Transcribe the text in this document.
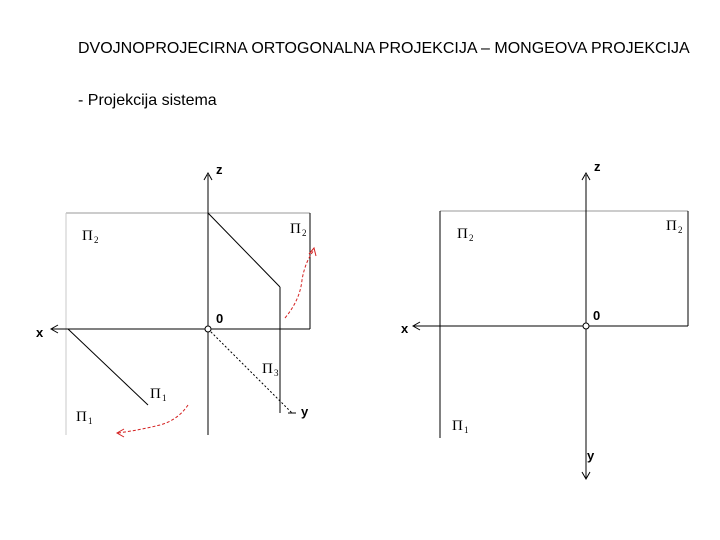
DVOJNOPROJECIRNA ORTOGONALNA PROJEKCIJA – MONGEOVA PROJEKCIJA
- Projekcija sistema
z
x
0
y
Π 2
Π 2
Π 3
Π 1
Π 1
z
x
0
y
Π 2
Π 2
Π 1
